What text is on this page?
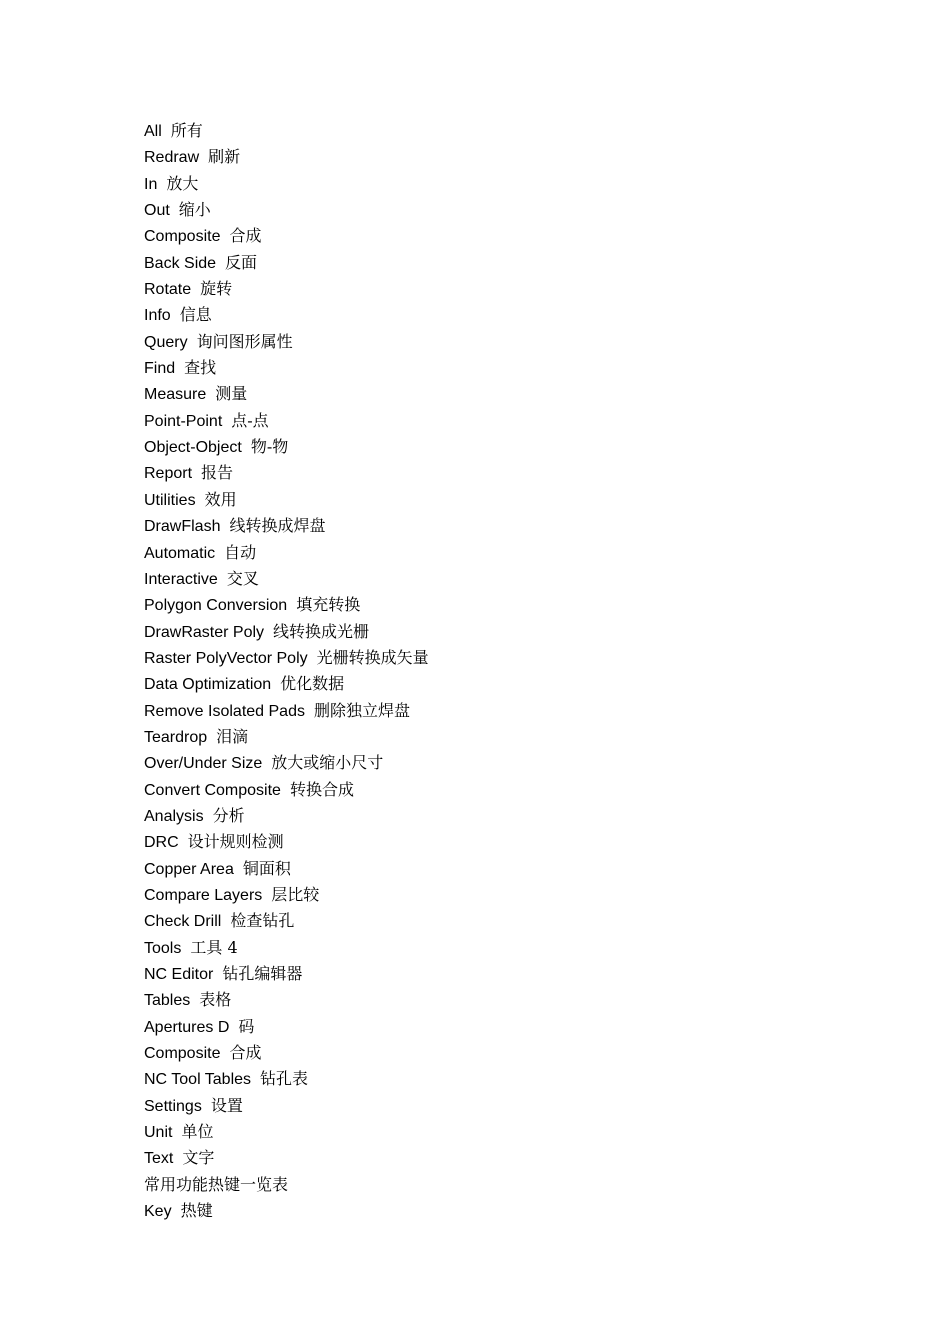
All 所有
Redraw 刷新
In 放大
Out 缩小
Composite 合成
Back Side 反面
Rotate 旋转
Info 信息
Query 询问图形属性
Find 查找
Measure 测量
Point-Point 点-点
Object-Object 物-物
Report 报告
Utilities 效用
DrawFlash 线转换成焊盘
Automatic 自动
Interactive 交叉
Polygon Conversion 填充转换
DrawRaster Poly 线转换成光栅
Raster PolyVector Poly 光栅转换成矢量
Data Optimization 优化数据
Remove Isolated Pads 删除独立焊盘
Teardrop 泪滴
Over/Under Size 放大或缩小尺寸
Convert Composite 转换合成
Analysis 分析
DRC 设计规则检测
Copper Area 铜面积
Compare Layers 层比较
Check Drill 检查钻孔
Tools 工具 4
NC Editor 钻孔编辑器
Tables 表格
Apertures D 码
Composite 合成
NC Tool Tables 钻孔表
Settings 设置
Unit 单位
Text 文字
常用功能热键一览表
Key 热键
